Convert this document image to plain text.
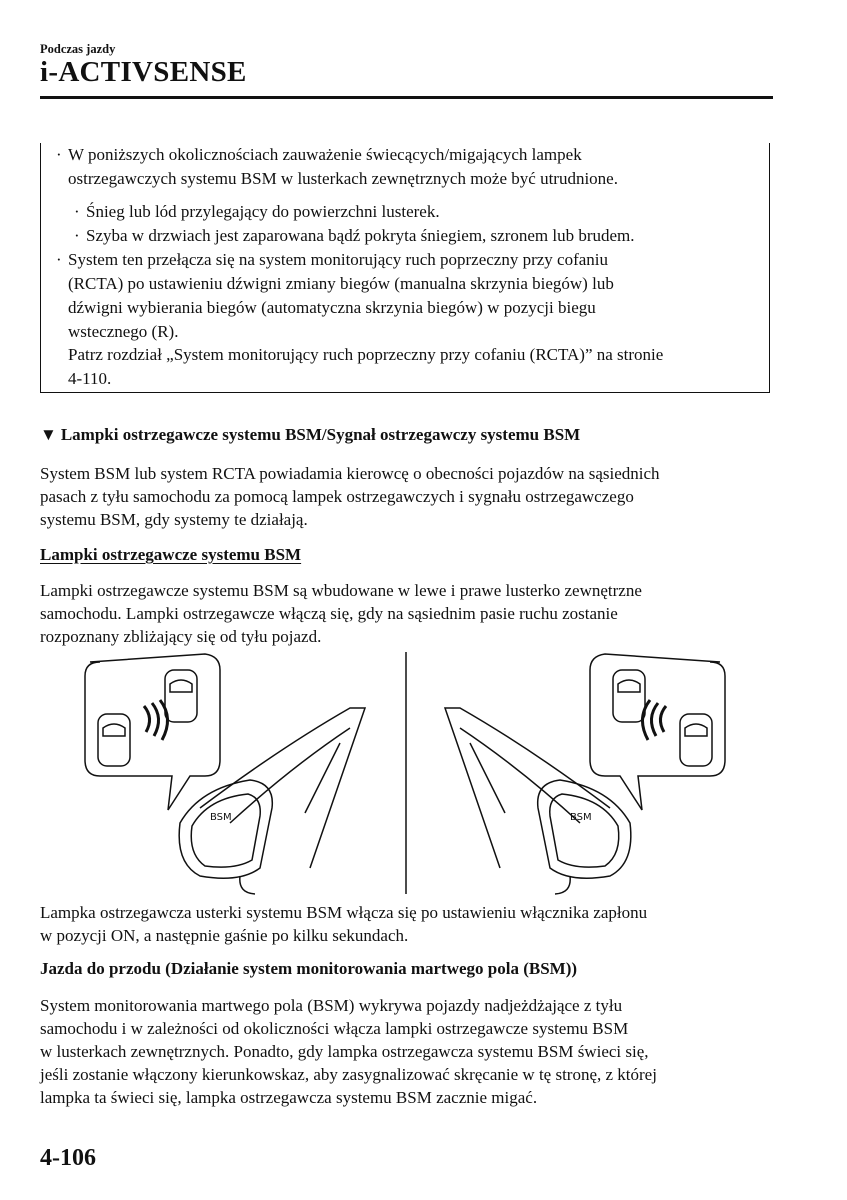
Podczas jazdy
i-ACTIVSENSE
· W poniższych okolicznościach zauważenie świecących/migających lampek

ostrzegawczych systemu BSM w lusterkach zewnętrznych może być utrudnione.

· Śnieg lub lód przylegający do powierzchni lusterek.

· Szyba w drzwiach jest zaparowana bądź pokryta śniegiem, szronem lub brudem.

· System ten przełącza się na system monitorujący ruch poprzeczny przy cofaniu

(RCTA) po ustawieniu dźwigni zmiany biegów (manualna skrzynia biegów) lub

dźwigni wybierania biegów (automatyczna skrzynia biegów) w pozycji biegu

wstecznego (R).

Patrz rozdział „System monitorujący ruch poprzeczny przy cofaniu (RCTA)” na stronie

4-110.

▼ Lampki ostrzegawcze systemu BSM/Sygnał ostrzegawczy systemu BSM

System BSM lub system RCTA powiadamia kierowcę o obecności pojazdów na sąsiednich

pasach z tyłu samochodu za pomocą lampek ostrzegawczych i sygnału ostrzegawczego

systemu BSM, gdy systemy te działają.

Lampki ostrzegawcze systemu BSM

Lampki ostrzegawcze systemu BSM są wbudowane w lewe i prawe lusterko zewnętrzne

samochodu. Lampki ostrzegawcze włączą się, gdy na sąsiednim pasie ruchu zostanie

rozpoznany zbliżający się od tyłu pojazd.

BSM	BSM

Lampka ostrzegawcza usterki systemu BSM włącza się po ustawieniu włącznika zapłonu

w pozycji ON, a następnie gaśnie po kilku sekundach.

Jazda do przodu (Działanie system monitorowania martwego pola (BSM))

System monitorowania martwego pola (BSM) wykrywa pojazdy nadjeżdżające z tyłu

samochodu i w zależności od okoliczności włącza lampki ostrzegawcze systemu BSM

w lusterkach zewnętrznych. Ponadto, gdy lampka ostrzegawcza systemu BSM świeci się,

jeśli zostanie włączony kierunkowskaz, aby zasygnalizować skręcanie w tę stronę, z której

lampka ta świeci się, lampka ostrzegawcza systemu BSM zacznie migać.

4-106
